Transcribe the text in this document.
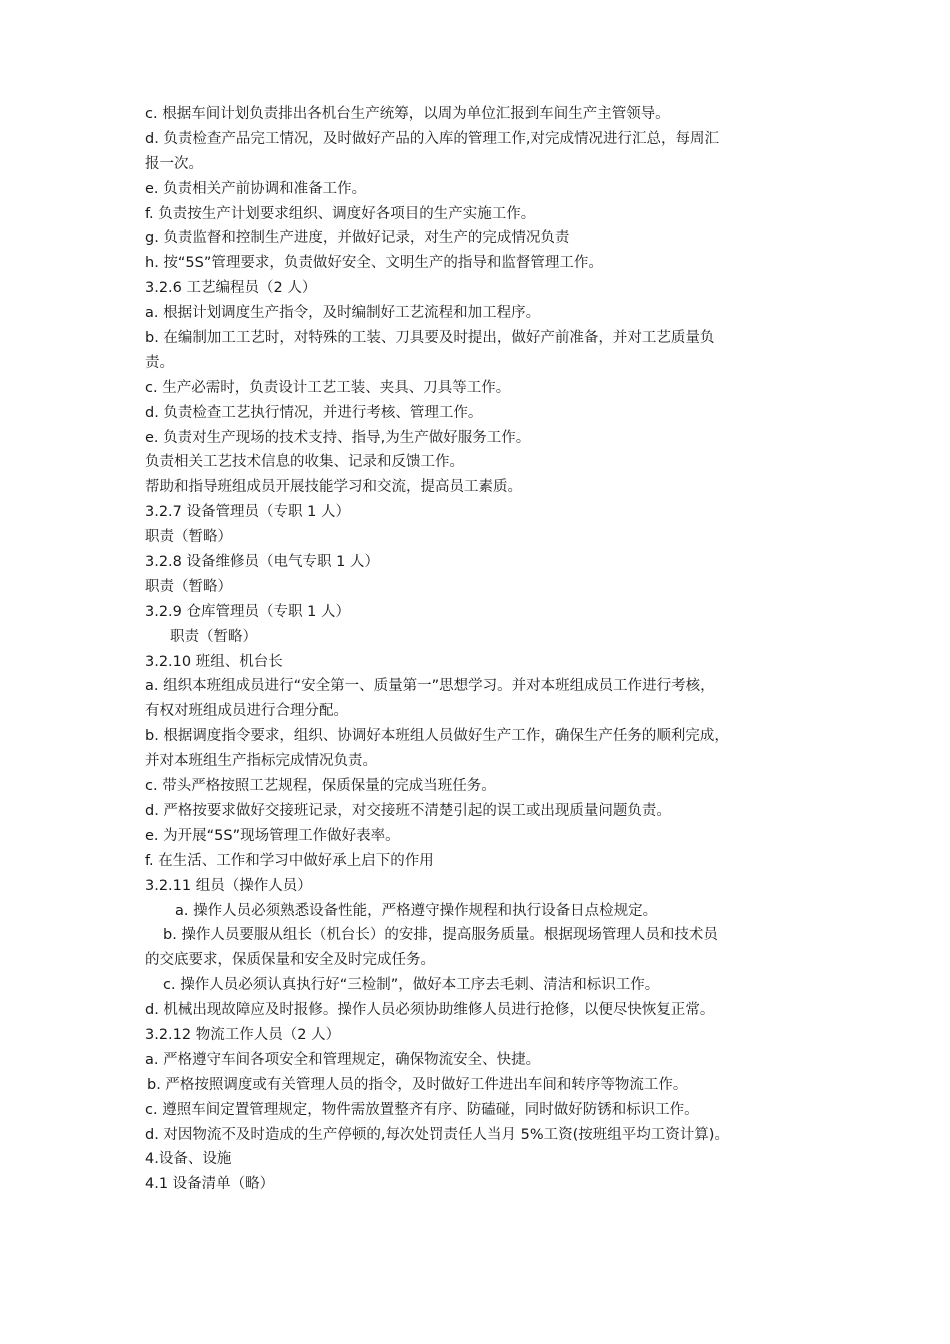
c. 根据车间计划负责排出各机台生产统筹，以周为单位汇报到车间生产主管领导。
d. 负责检查产品完工情况，及时做好产品的入库的管理工作,对完成情况进行汇总，每周汇
报一次。
e. 负责相关产前协调和准备工作。
f. 负责按生产计划要求组织、调度好各项目的生产实施工作。
g. 负责监督和控制生产进度，并做好记录，对生产的完成情况负责
h. 按“5S”管理要求，负责做好安全、文明生产的指导和监督管理工作。
3.2.6 工艺编程员（2 人）
a. 根据计划调度生产指令，及时编制好工艺流程和加工程序。
b. 在编制加工工艺时，对特殊的工装、刀具要及时提出，做好产前准备，并对工艺质量负
责。
c. 生产必需时，负责设计工艺工装、夹具、刀具等工作。
d. 负责检查工艺执行情况，并进行考核、管理工作。
e. 负责对生产现场的技术支持、指导,为生产做好服务工作。
负责相关工艺技术信息的收集、记录和反馈工作。
帮助和指导班组成员开展技能学习和交流，提高员工素质。
3.2.7 设备管理员（专职 1 人）
职责（暂略）
3.2.8 设备维修员（电气专职 1 人）
职责（暂略）
3.2.9 仓库管理员（专职 1 人）
职责（暂略）
3.2.10 班组、机台长
a. 组织本班组成员进行“安全第一、质量第一”思想学习。并对本班组成员工作进行考核，
有权对班组成员进行合理分配。
b. 根据调度指令要求，组织、协调好本班组人员做好生产工作，确保生产任务的顺利完成，
并对本班组生产指标完成情况负责。
c. 带头严格按照工艺规程，保质保量的完成当班任务。
d. 严格按要求做好交接班记录，对交接班不清楚引起的误工或出现质量问题负责。
e. 为开展“5S”现场管理工作做好表率。
f. 在生活、工作和学习中做好承上启下的作用
3.2.11 组员（操作人员）
a. 操作人员必须熟悉设备性能，严格遵守操作规程和执行设备日点检规定。
b. 操作人员要服从组长（机台长）的安排，提高服务质量。根据现场管理人员和技术员
的交底要求，保质保量和安全及时完成任务。
c. 操作人员必须认真执行好“三检制”，做好本工序去毛刺、清洁和标识工作。
d. 机械出现故障应及时报修。操作人员必须协助维修人员进行抢修，以便尽快恢复正常。
3.2.12 物流工作人员（2 人）
a. 严格遵守车间各项安全和管理规定，确保物流安全、快捷。
b. 严格按照调度或有关管理人员的指令，及时做好工件进出车间和转序等物流工作。
c. 遵照车间定置管理规定，物件需放置整齐有序、防磕碰，同时做好防锈和标识工作。
d. 对因物流不及时造成的生产停顿的,每次处罚责任人当月 5%工资(按班组平均工资计算)。
4.设备、设施
4.1 设备清单（略）
